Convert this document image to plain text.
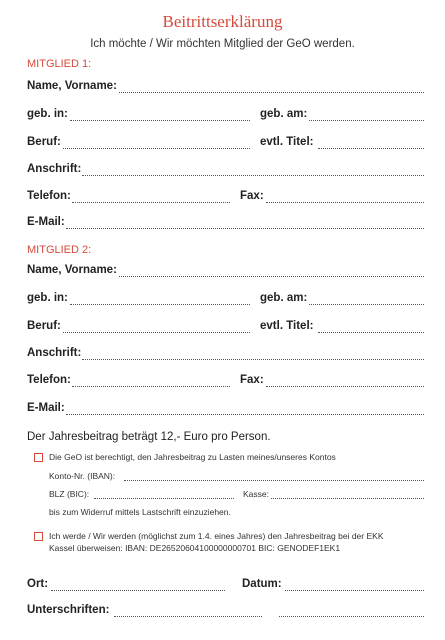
Beitrittserklärung
Ich möchte / Wir möchten Mitglied der GeO werden.
MITGLIED 1:
Name, Vorname:
geb. in:	geb. am:
Beruf:	evtl. Titel:
Anschrift:
Telefon:	Fax:
E-Mail:
MITGLIED 2:
Name, Vorname:
geb. in:	geb. am:
Beruf:	evtl. Titel:
Anschrift:
Telefon:	Fax:
E-Mail:
Der Jahresbeitrag beträgt 12,- Euro pro Person.
Die GeO ist berechtigt, den Jahresbeitrag zu Lasten meines/unseres Kontos
Konto-Nr. (IBAN):
BLZ (BIC):	Kasse:
bis zum Widerruf mittels Lastschrift einzuziehen.
Ich werde / Wir werden (möglichst zum 1.4. eines Jahres) den Jahresbeitrag bei der EKK
Kassel überweisen: IBAN: DE26520604100000000701 BIC: GENODEF1EK1
Ort:	Datum:
Unterschriften:
